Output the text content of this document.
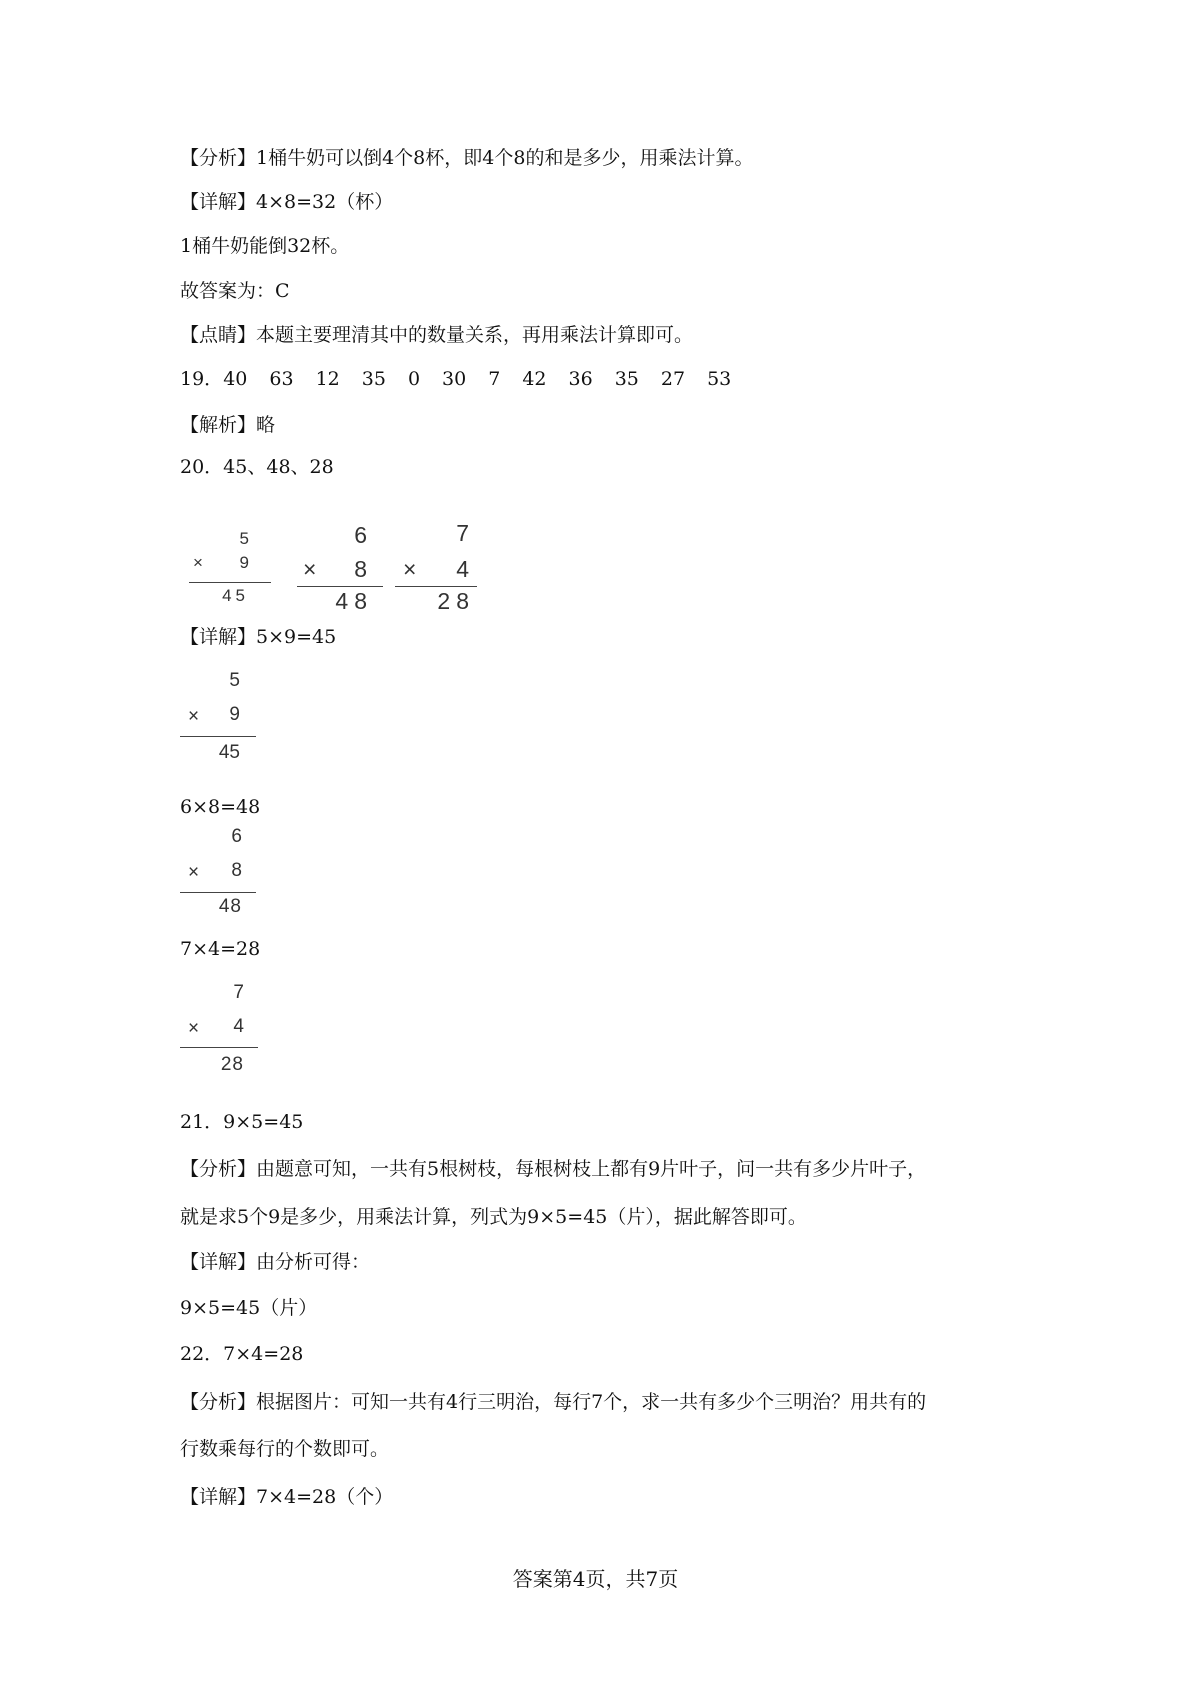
【分析】1桶牛奶可以倒4个8杯，即4个8的和是多少，用乘法计算。
【详解】4×8=32（杯）
1桶牛奶能倒32杯。
故答案为：C
【点睛】本题主要理清其中的数量关系，再用乘法计算即可。
19．40 63 12 35 0 30 7 42 36 35 27 53
【解析】略
20．45、48、28
5
×	9
45
6
×	8
48
7
×	4
28
【详解】5×9=45
5
×	9
45
6×8=48
6
×	8
48
7×4=28
7
×	4
28
21．9×5=45
【分析】由题意可知，一共有5根树枝，每根树枝上都有9片叶子，问一共有多少片叶子，
就是求5个9是多少，用乘法计算，列式为9×5=45（片），据此解答即可。
【详解】由分析可得：
9×5=45（片）
22．7×4=28
【分析】根据图片：可知一共有4行三明治，每行7个，求一共有多少个三明治？用共有的
行数乘每行的个数即可。
【详解】7×4=28（个）
答案第4页，共7页
